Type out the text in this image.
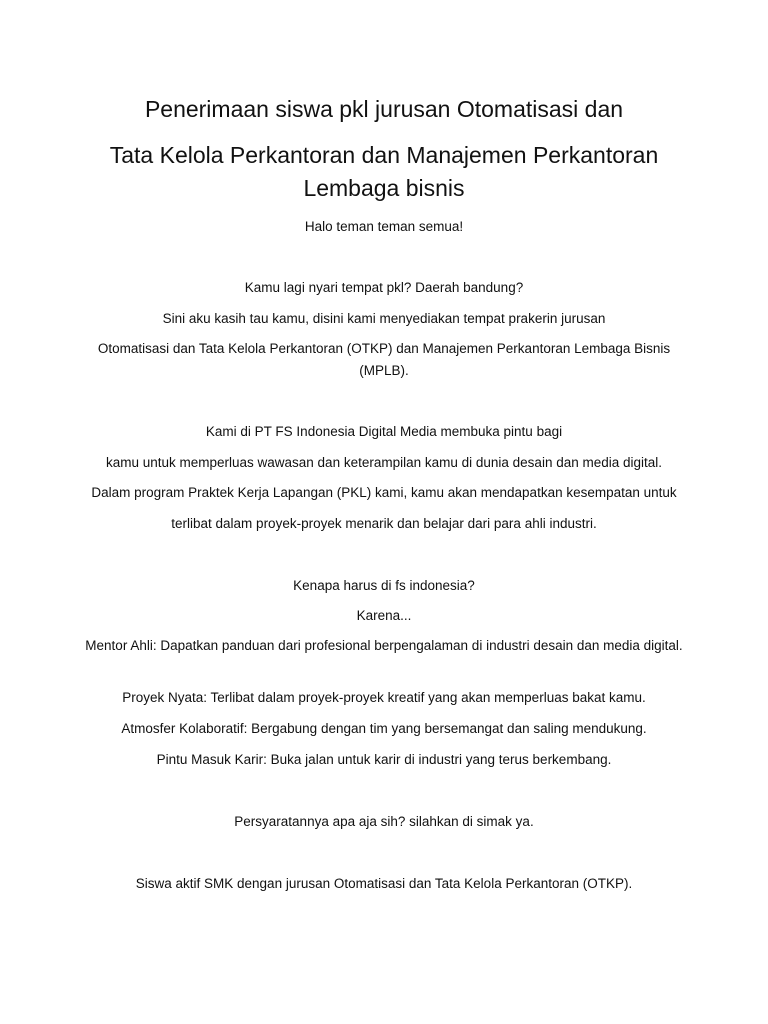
Penerimaan siswa pkl jurusan Otomatisasi dan
Tata Kelola Perkantoran dan Manajemen Perkantoran
Lembaga bisnis
Halo teman teman semua!
Kamu lagi nyari tempat pkl? Daerah bandung?
Sini aku kasih tau kamu, disini kami menyediakan tempat prakerin jurusan
Otomatisasi dan Tata Kelola Perkantoran (OTKP) dan Manajemen Perkantoran Lembaga Bisnis (MPLB).
Kami di PT FS Indonesia Digital Media membuka pintu bagi
kamu untuk memperluas wawasan dan keterampilan kamu di dunia desain dan media digital.
Dalam program Praktek Kerja Lapangan (PKL) kami, kamu akan mendapatkan kesempatan untuk
terlibat dalam proyek-proyek menarik dan belajar dari para ahli industri.
Kenapa harus di fs indonesia?
Karena...
Mentor Ahli: Dapatkan panduan dari profesional berpengalaman di industri desain dan media digital.
Proyek Nyata: Terlibat dalam proyek-proyek kreatif yang akan memperluas bakat kamu.
Atmosfer Kolaboratif: Bergabung dengan tim yang bersemangat dan saling mendukung.
Pintu Masuk Karir: Buka jalan untuk karir di industri yang terus berkembang.
Persyaratannya apa aja sih? silahkan di simak ya.
Siswa aktif SMK dengan jurusan Otomatisasi dan Tata Kelola Perkantoran (OTKP).
